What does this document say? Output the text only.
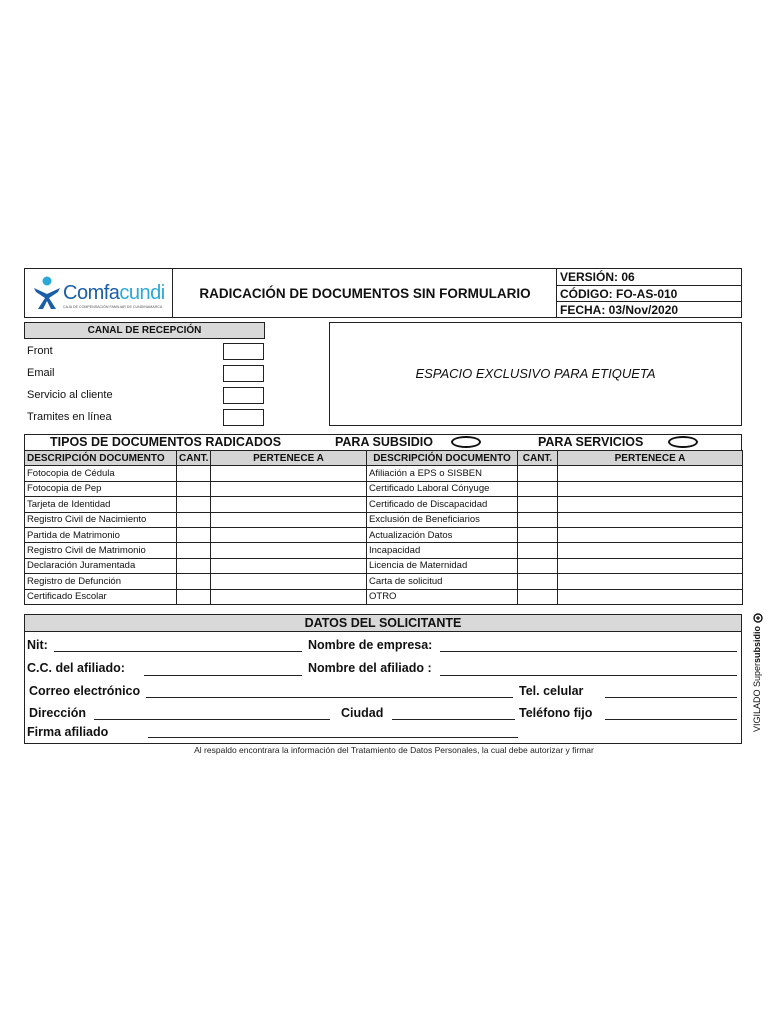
Comfacundi
CAJA DE COMPENSACIÓN FAMILIAR DE CUNDINAMARCA
RADICACIÓN DE DOCUMENTOS SIN FORMULARIO
VERSIÓN: 06
CÓDIGO: FO-AS-010
FECHA: 03/Nov/2020
CANAL DE RECEPCIÓN
Front
Email
Servicio al cliente
Tramites en línea
ESPACIO EXCLUSIVO PARA ETIQUETA
TIPOS DE DOCUMENTOS RADICADOS	PARA SUBSIDIO	PARA SERVICIOS
DESCRIPCIÓN DOCUMENTO	CANT.	PERTENECE A	DESCRIPCIÓN DOCUMENTO	CANT.	PERTENECE A
Fotocopia de Cédula			Afiliación a EPS o SISBEN		
Fotocopia de Pep			Certificado Laboral Cónyuge		
Tarjeta de Identidad			Certificado de Discapacidad		
Registro Civil de Nacimiento			Exclusión de Beneficiarios		
Partida de Matrimonio			Actualización Datos		
Registro Civil de Matrimonio			Incapacidad		
Declaración Juramentada			Licencia de Maternidad		
Registro de Defunción			Carta de solicitud		
Certificado Escolar			OTRO		
DATOS DEL SOLICITANTE
Nit:	Nombre de empresa:
C.C. del afiliado:	Nombre del afiliado :
Correo electrónico	Tel. celular
Dirección	Ciudad	Teléfono fijo
Firma afiliado
Al respaldo encontrara la información del Tratamiento de Datos Personales, la cual debe autorizar y firmar
VIGILADO Supersubsidio
